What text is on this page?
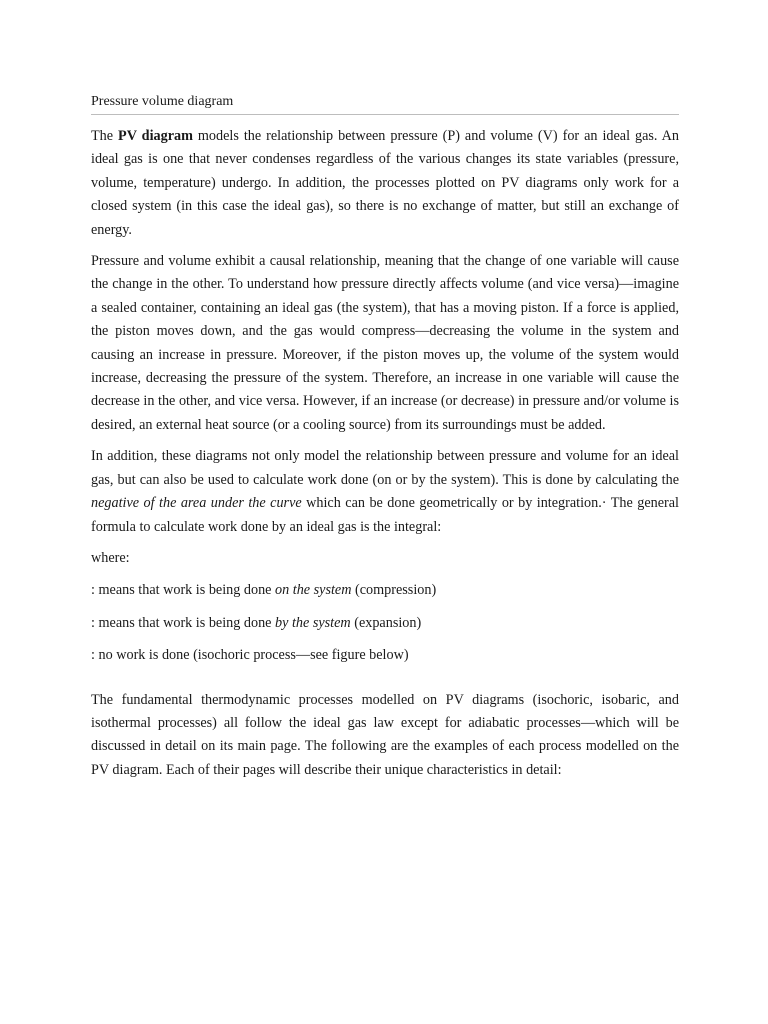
Pressure volume diagram

The PV diagram models the relationship between pressure (P) and volume (V) for an ideal gas. An ideal gas is one that never condenses regardless of the various changes its state variables (pressure, volume, temperature) undergo. In addition, the processes plotted on PV diagrams only work for a closed system (in this case the ideal gas), so there is no exchange of matter, but still an exchange of energy.

Pressure and volume exhibit a causal relationship, meaning that the change of one variable will cause the change in the other. To understand how pressure directly affects volume (and vice versa)—imagine a sealed container, containing an ideal gas (the system), that has a moving piston. If a force is applied, the piston moves down, and the gas would compress—decreasing the volume in the system and causing an increase in pressure. Moreover, if the piston moves up, the volume of the system would increase, decreasing the pressure of the system. Therefore, an increase in one variable will cause the decrease in the other, and vice versa. However, if an increase (or decrease) in pressure and/or volume is desired, an external heat source (or a cooling source) from its surroundings must be added.

In addition, these diagrams not only model the relationship between pressure and volume for an ideal gas, but can also be used to calculate work done (on or by the system). This is done by calculating the negative of the area under the curve which can be done geometrically or by integration.· The general formula to calculate work done by an ideal gas is the integral:

where:

: means that work is being done on the system (compression)

: means that work is being done by the system (expansion)

: no work is done (isochoric process—see figure below)

The fundamental thermodynamic processes modelled on PV diagrams (isochoric, isobaric, and isothermal processes) all follow the ideal gas law except for adiabatic processes—which will be discussed in detail on its main page. The following are the examples of each process modelled on the PV diagram. Each of their pages will describe their unique characteristics in detail:
